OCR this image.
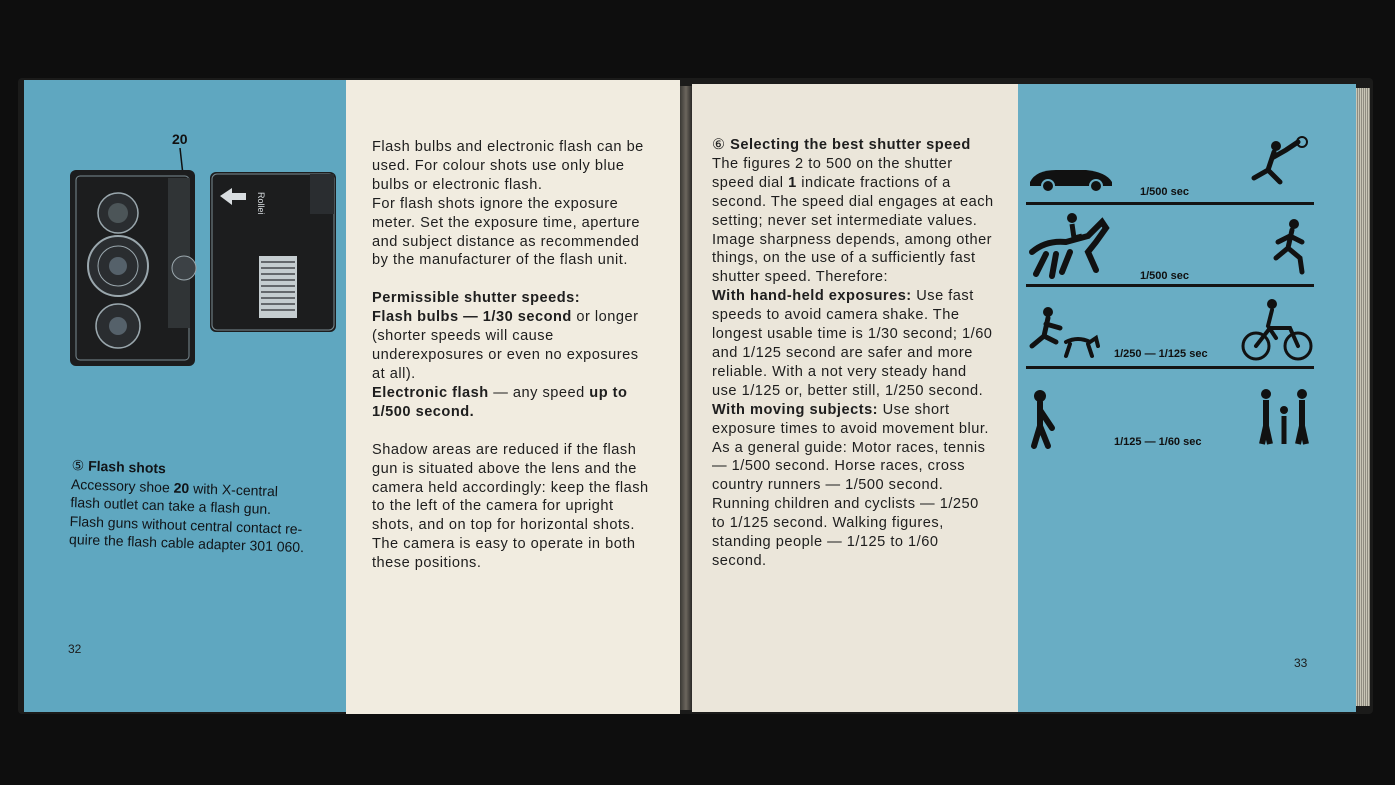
20
Rollei
⑤ Flash shots
Accessory shoe 20 with X-central
flash outlet can take a flash gun.
Flash guns without central contact re-
quire the flash cable adapter 301 060.
32

Flash bulbs and electronic flash can be used. For colour shots use only blue bulbs or electronic flash.

For flash shots ignore the exposure meter. Set the exposure time, aperture and subject distance as recommended by the manufacturer of the flash unit.

Permissible shutter speeds:

Flash bulbs — 1/30 second or longer (shorter speeds will cause underexposures or even no exposures at all).

Electronic flash — any speed up to 1/500 second.

Shadow areas are reduced if the flash gun is situated above the lens and the camera held accordingly: keep the flash to the left of the camera for upright shots, and on top for horizontal shots.

The camera is easy to operate in both these positions.

⑥ Selecting the best shutter speed

The figures 2 to 500 on the shutter speed dial 1 indicate fractions of a second. The speed dial engages at each setting; never set intermediate values. Image sharpness depends, among other things, on the use of a sufficiently fast shutter speed. Therefore:

With hand-held exposures: Use fast speeds to avoid camera shake. The longest usable time is 1/30 second; 1/60 and 1/125 second are safer and more reliable. With a not very steady hand use 1/125 or, better still, 1/250 second.

With moving subjects: Use short exposure times to avoid movement blur. As a general guide: Motor races, tennis — 1/500 second. Horse races, cross country runners — 1/500 second. Running children and cyclists — 1/250 to 1/125 second. Walking figures, standing people — 1/125 to 1/60 second.

1/500 sec
1/500 sec
1/250 — 1/125 sec
1/125 — 1/60 sec
33
